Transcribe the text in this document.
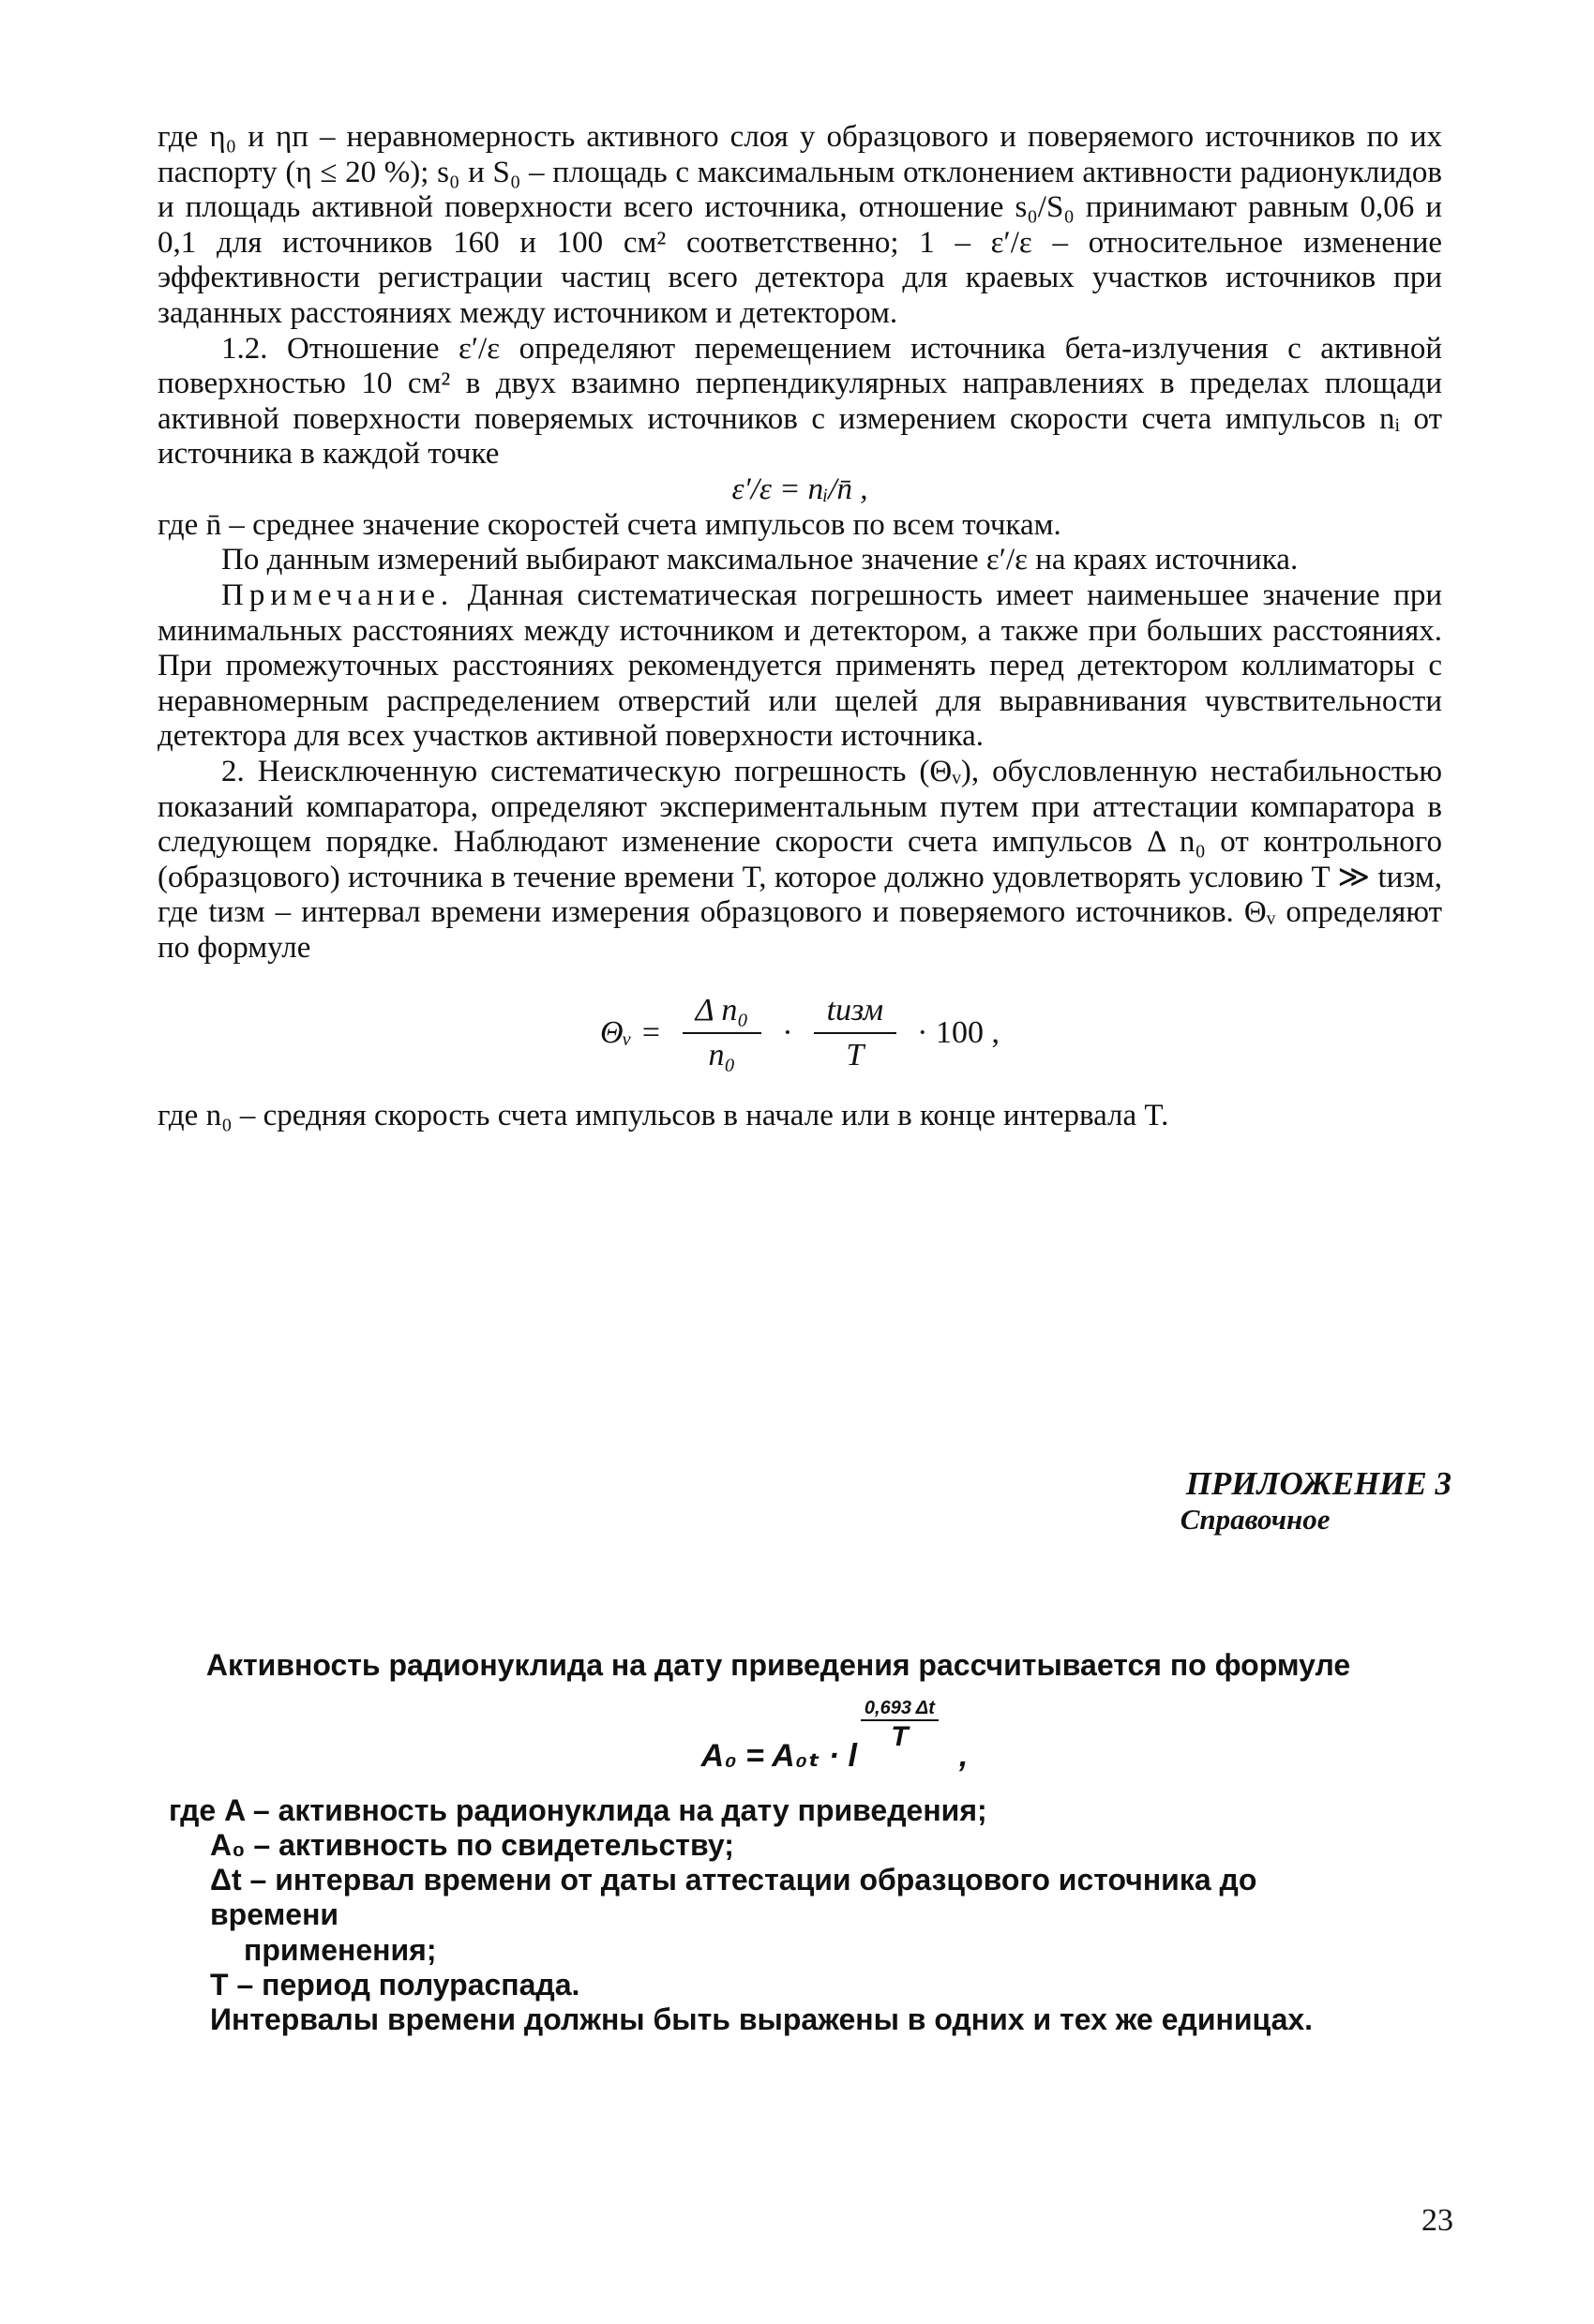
где η₀ и ηп – неравномерность активного слоя у образцового и поверяемого источников по их паспорту (η ≤ 20 %); s₀ и S₀ – площадь с максимальным отклонением активности радионуклидов и площадь активной поверхности всего источника, отношение s₀/S₀ принимают равным 0,06 и 0,1 для источников 160 и 100 см² соответственно; 1 – ε′/ε – относительное изменение эффективности регистрации частиц всего детектора для краевых участков источников при заданных расстояниях между источником и детектором.

1.2. Отношение ε′/ε определяют перемещением источника бета-излучения с активной поверхностью 10 см² в двух взаимно перпендикулярных направлениях в пределах площади активной поверхности поверяемых источников с измерением скорости счета импульсов nᵢ от источника в каждой точке

ε′/ε = nᵢ/n̄ ,

где n̄ – среднее значение скоростей счета импульсов по всем точкам.

По данным измерений выбирают максимальное значение ε′/ε на краях источника.

Примечание. Данная систематическая погрешность имеет наименьшее значение при минимальных расстояниях между источником и детектором, а также при больших расстояниях. При промежуточных расстояниях рекомендуется применять перед детектором коллиматоры с неравномерным распределением отверстий или щелей для выравнивания чувствительности детектора для всех участков активной поверхности источника.

2. Неисключенную систематическую погрешность (Θᵥ), обусловленную нестабильностью показаний компаратора, определяют экспериментальным путем при аттестации компаратора в следующем порядке. Наблюдают изменение скорости счета импульсов Δ n₀ от контрольного (образцового) источника в течение времени T, которое должно удовлетворять условию T ≫ tизм, где tизм – интервал времени измерения образцового и поверяемого источников. Θᵥ определяют по формуле

Θᵥ = $\frac{\text{Δ n₀}}{\text{n₀}} \cdot \frac{\text{tизм}}{T} \cdot 100$ ,

где n₀ – средняя скорость счета импульсов в начале или в конце интервала T.

ПРИЛОЖЕНИЕ 3
Справочное
Активность радионуклида на дату приведения рассчитывается по формуле
A₀ = A₀ₜ · l
0,693 Δt
T
,

где A – активность радионуклида на дату приведения;

A₀ – активность по свидетельству;

Δt – интервал времени от даты аттестации образцового источника до времени

применения;

T – период полураспада.

Интервалы времени должны быть выражены в одних и тех же единицах.

23
